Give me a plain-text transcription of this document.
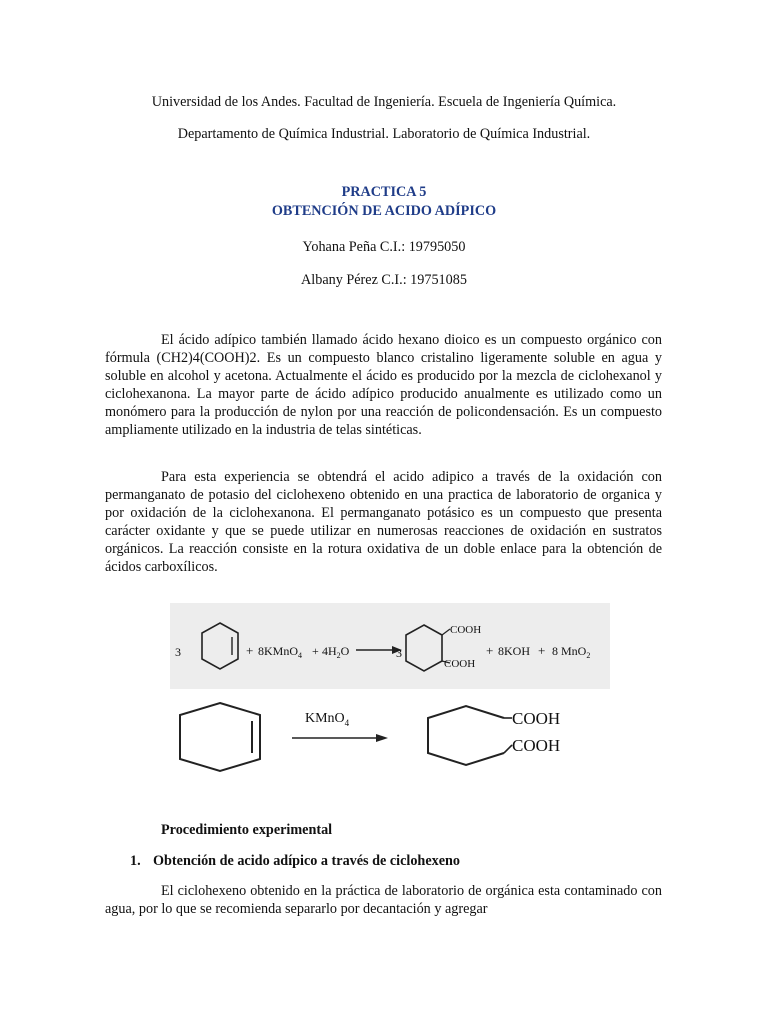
Universidad de los Andes. Facultad de Ingeniería. Escuela de Ingeniería Química.
Departamento de Química Industrial. Laboratorio de Química Industrial.
PRACTICA 5
OBTENCIÓN DE ACIDO ADÍPICO
Yohana Peña C.I.: 19795050
Albany Pérez C.I.: 19751085

El ácido adípico también llamado ácido hexano dioico es un compuesto orgánico con fórmula (CH2)4(COOH)2. Es un compuesto blanco cristalino ligeramente soluble en agua y soluble en alcohol y acetona. Actualmente el ácido es producido por la mezcla de ciclohexanol y ciclohexanona. La mayor parte de ácido adípico producido anualmente es utilizado como un monómero para la producción de nylon por una reacción de policondensación. Es un compuesto ampliamente utilizado en la industria de telas sintéticas.

Para esta experiencia se obtendrá el acido adipico a través de la oxidación con permanganato de potasio del ciclohexeno obtenido en una practica de laboratorio de organica y por oxidación de la ciclohexanona. El permanganato potásico es un compuesto que presenta carácter oxidante y que se puede utilizar en numerosas reacciones de oxidación en sustratos orgánicos. La reacción consiste en la rotura oxidativa de un doble enlace para la obtención de ácidos carboxílicos.

3	+ 8KMnO$_4$ + $4H_2O$	3
COOH
COOH
+ 8KOH + 8 MnO$_2$
KMnO$_4$	COOH
COOH
Procedimiento experimental
1. Obtención de acido adípico a través de ciclohexeno

El ciclohexeno obtenido en la práctica de laboratorio de orgánica esta contaminado con agua, por lo que se recomienda separarlo por decantación y agregar
